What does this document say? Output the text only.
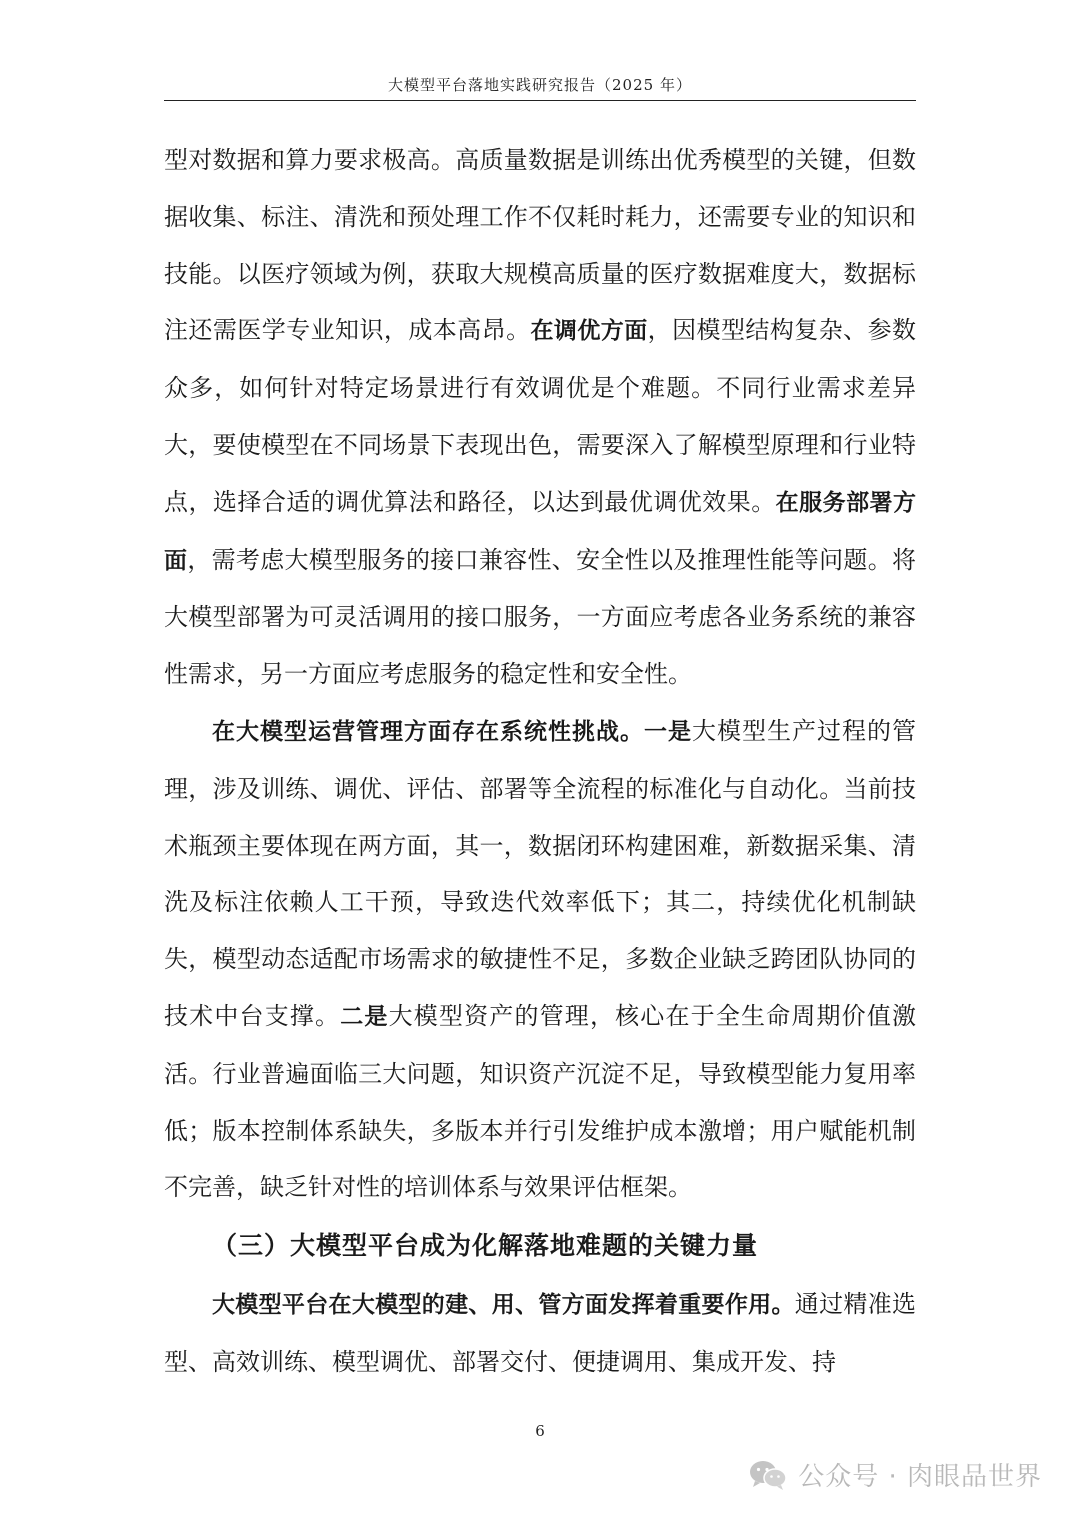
大模型平台落地实践研究报告（2025 年）

型对数据和算力要求极高。高质量数据是训练出优秀模型的关键，但数据收集、标注、清洗和预处理工作不仅耗时耗力，还需要专业的知识和技能。以医疗领域为例，获取大规模高质量的医疗数据难度大，数据标注还需医学专业知识，成本高昂。在调优方面，因模型结构复杂、参数众多，如何针对特定场景进行有效调优是个难题。不同行业需求差异大，要使模型在不同场景下表现出色，需要深入了解模型原理和行业特点，选择合适的调优算法和路径，以达到最优调优效果。在服务部署方面，需考虑大模型服务的接口兼容性、安全性以及推理性能等问题。将大模型部署为可灵活调用的接口服务，一方面应考虑各业务系统的兼容性需求，另一方面应考虑服务的稳定性和安全性。

在大模型运营管理方面存在系统性挑战。一是大模型生产过程的管理，涉及训练、调优、评估、部署等全流程的标准化与自动化。当前技术瓶颈主要体现在两方面，其一，数据闭环构建困难，新数据采集、清洗及标注依赖人工干预，导致迭代效率低下；其二，持续优化机制缺失，模型动态适配市场需求的敏捷性不足，多数企业缺乏跨团队协同的技术中台支撑。二是大模型资产的管理，核心在于全生命周期价值激活。行业普遍面临三大问题，知识资产沉淀不足，导致模型能力复用率低；版本控制体系缺失，多版本并行引发维护成本激增；用户赋能机制不完善，缺乏针对性的培训体系与效果评估框架。

（三）大模型平台成为化解落地难题的关键力量

大模型平台在大模型的建、用、管方面发挥着重要作用。通过精准选型、高效训练、模型调优、部署交付、便捷调用、集成开发、持

6
公众号 · 肉眼品世界
